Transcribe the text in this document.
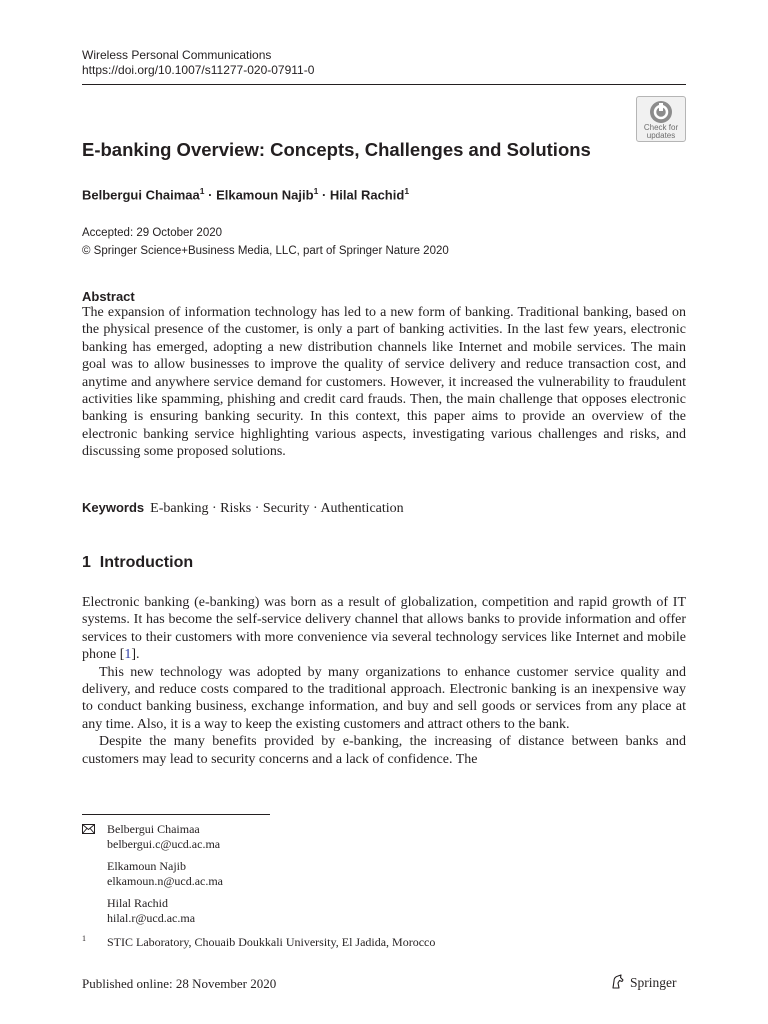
Wireless Personal Communications
https://doi.org/10.1007/s11277-020-07911-0
Check for
updates
E-banking Overview: Concepts, Challenges and Solutions
Belbergui Chaimaa$^1$ · Elkamoun Najib$^1$ · Hilal Rachid$^1$
Accepted: 29 October 2020
© Springer Science+Business Media, LLC, part of Springer Nature 2020
Abstract

The expansion of information technology has led to a new form of banking. Traditional banking, based on the physical presence of the customer, is only a part of banking activities. In the last few years, electronic banking has emerged, adopting a new distribution channels like Internet and mobile services. The main goal was to allow businesses to improve the quality of service delivery and reduce transaction cost, and anytime and anywhere service demand for customers. However, it increased the vulnerability to fraudulent activities like spamming, phishing and credit card frauds. Then, the main challenge that opposes electronic banking is ensuring banking security. In this context, this paper aims to provide an overview of the electronic banking service highlighting various aspects, investigating various challenges and risks, and discussing some proposed solutions.

Keywords E-banking · Risks · Security · Authentication
1 Introduction

Electronic banking (e-banking) was born as a result of globalization, competition and rapid growth of IT systems. It has become the self-service delivery channel that allows banks to provide information and offer services to their customers with more convenience via several technology services like Internet and mobile phone [1].

This new technology was adopted by many organizations to enhance customer service quality and delivery, and reduce costs compared to the traditional approach. Electronic banking is an inexpensive way to conduct banking business, exchange information, and buy and sell goods or services from any place at any time. Also, it is a way to keep the existing customers and attract others to the bank.

Despite the many benefits provided by e-banking, the increasing of distance between banks and customers may lead to security concerns and a lack of confidence. The

Belbergui Chaimaa
belbergui.c@ucd.ac.ma
Elkamoun Najib
elkamoun.n@ucd.ac.ma
Hilal Rachid
hilal.r@ucd.ac.ma
1 STIC Laboratory, Chouaib Doukkali University, El Jadida, Morocco
Published online: 28 November 2020	Springer
